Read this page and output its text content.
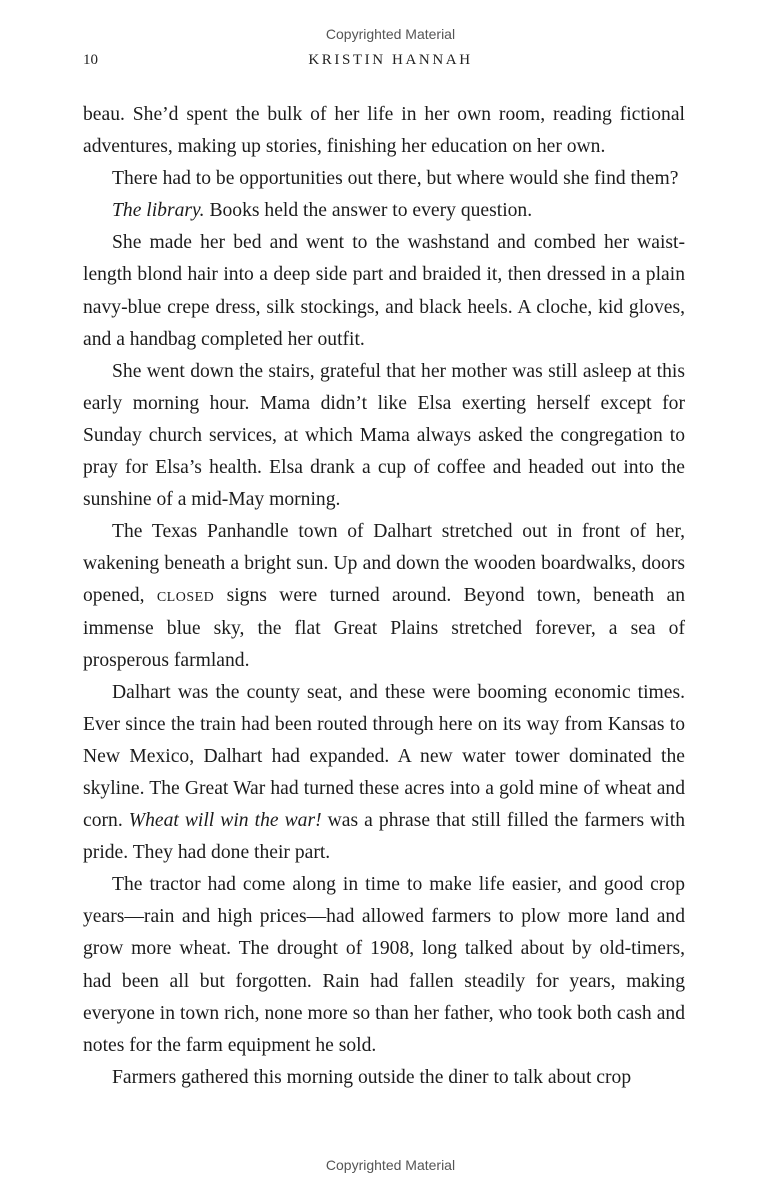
Copyrighted Material
10	KRISTIN HANNAH

beau. She’d spent the bulk of her life in her own room, reading fictional adventures, making up stories, finishing her education on her own.

There had to be opportunities out there, but where would she find them?

The library. Books held the answer to every question.

She made her bed and went to the washstand and combed her waist-length blond hair into a deep side part and braided it, then dressed in a plain navy-blue crepe dress, silk stockings, and black heels. A cloche, kid gloves, and a handbag completed her outfit.

She went down the stairs, grateful that her mother was still asleep at this early morning hour. Mama didn’t like Elsa exerting herself except for Sunday church services, at which Mama always asked the congregation to pray for Elsa’s health. Elsa drank a cup of coffee and headed out into the sunshine of a mid-May morning.

The Texas Panhandle town of Dalhart stretched out in front of her, wakening beneath a bright sun. Up and down the wooden boardwalks, doors opened, closed signs were turned around. Beyond town, beneath an immense blue sky, the flat Great Plains stretched forever, a sea of prosperous farmland.

Dalhart was the county seat, and these were booming economic times. Ever since the train had been routed through here on its way from Kansas to New Mexico, Dalhart had expanded. A new water tower dominated the skyline. The Great War had turned these acres into a gold mine of wheat and corn. Wheat will win the war! was a phrase that still filled the farmers with pride. They had done their part.

The tractor had come along in time to make life easier, and good crop years—rain and high prices—had allowed farmers to plow more land and grow more wheat. The drought of 1908, long talked about by old-timers, had been all but forgotten. Rain had fallen steadily for years, making everyone in town rich, none more so than her father, who took both cash and notes for the farm equipment he sold.

Farmers gathered this morning outside the diner to talk about crop

Copyrighted Material
